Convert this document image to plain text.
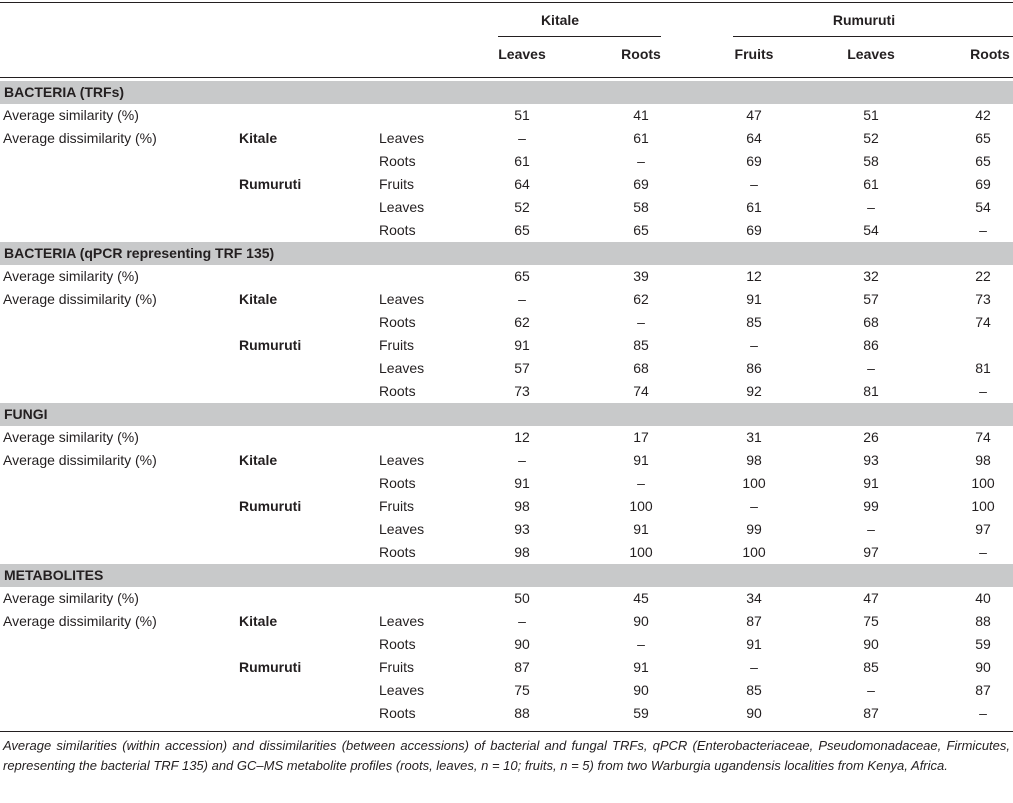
Kitale	Rumuruti
Leaves	Roots	Fruits	Leaves	Roots
BACTERIA (TRFs)
Average similarity (%)	51	41	47	51	42
Average dissimilarity (%)	Kitale	Leaves	–	61	64	52	65
Roots	61	–	69	58	65
Rumuruti	Fruits	64	69	–	61	69
Leaves	52	58	61	–	54
Roots	65	65	69	54	–
BACTERIA (qPCR representing TRF 135)
Average similarity (%)	65	39	12	32	22
Average dissimilarity (%)	Kitale	Leaves	–	62	91	57	73
Roots	62	–	85	68	74
Rumuruti	Fruits	91	85	–	86
Leaves	57	68	86	–	81
Roots	73	74	92	81	–
FUNGI
Average similarity (%)	12	17	31	26	74
Average dissimilarity (%)	Kitale	Leaves	–	91	98	93	98
Roots	91	–	100	91	100
Rumuruti	Fruits	98	100	–	99	100
Leaves	93	91	99	–	97
Roots	98	100	100	97	–
METABOLITES
Average similarity (%)	50	45	34	47	40
Average dissimilarity (%)	Kitale	Leaves	–	90	87	75	88
Roots	90	–	91	90	59
Rumuruti	Fruits	87	91	–	85	90
Leaves	75	90	85	–	87
Roots	88	59	90	87	–
Average similarities (within accession) and dissimilarities (between accessions) of bacterial and fungal TRFs, qPCR (Enterobacteriaceae, Pseudomonadaceae, Firmicutes, representing the bacterial TRF 135) and GC–MS metabolite profiles (roots, leaves, n = 10; fruits, n = 5) from two Warburgia ugandensis localities from Kenya, Africa.
